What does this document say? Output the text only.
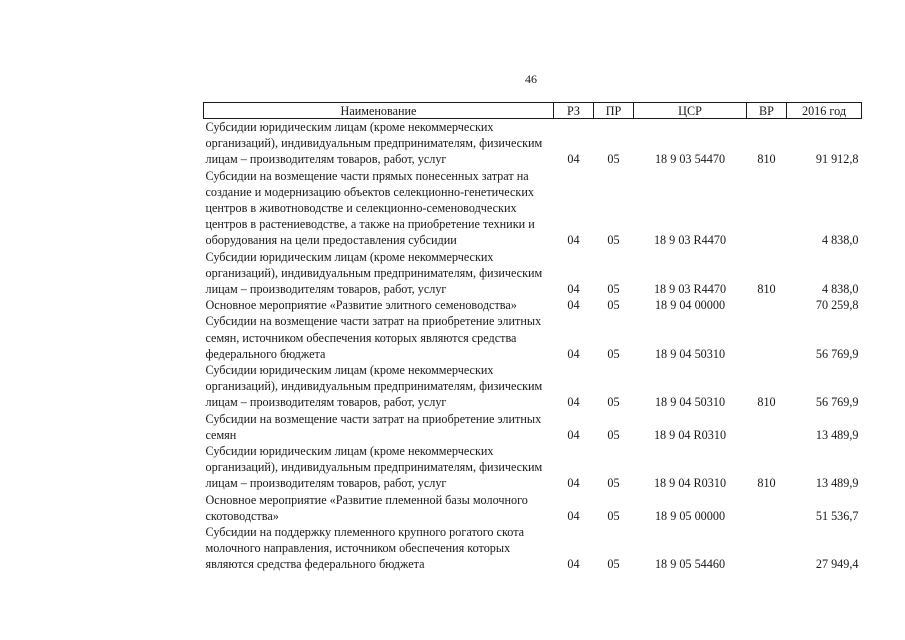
46
Наименование	РЗ	ПР	ЦСР	ВР	2016 год
Субсидии юридическим лицам (кроме некоммерческих организаций), индивидуальным предпринимателям, физическим лицам – производителям товаров, работ, услуг	04	05	18 9 03 54470	810	91 912,8
Субсидии на возмещение части прямых понесенных затрат на создание и модернизацию объектов селекционно-генетических центров в животноводстве и селекционно-семеноводческих центров в растениеводстве, а также на приобретение техники и оборудования на цели предоставления субсидии	04	05	18 9 03 R4470		4 838,0
Субсидии юридическим лицам (кроме некоммерческих организаций), индивидуальным предпринимателям, физическим лицам – производителям товаров, работ, услуг	04	05	18 9 03 R4470	810	4 838,0
Основное мероприятие «Развитие элитного семеноводства»	04	05	18 9 04 00000		70 259,8
Субсидии на возмещение части затрат на приобретение элитных семян, источником обеспечения которых являются средства федерального бюджета	04	05	18 9 04 50310		56 769,9
Субсидии юридическим лицам (кроме некоммерческих организаций), индивидуальным предпринимателям, физическим лицам – производителям товаров, работ, услуг	04	05	18 9 04 50310	810	56 769,9
Субсидии на возмещение части затрат на приобретение элитных семян	04	05	18 9 04 R0310		13 489,9
Субсидии юридическим лицам (кроме некоммерческих организаций), индивидуальным предпринимателям, физическим лицам – производителям товаров, работ, услуг	04	05	18 9 04 R0310	810	13 489,9
Основное мероприятие «Развитие племенной базы молочного скотоводства»	04	05	18 9 05 00000		51 536,7
Субсидии на поддержку племенного крупного рогатого скота молочного направления, источником обеспечения которых являются средства федерального бюджета	04	05	18 9 05 54460		27 949,4
